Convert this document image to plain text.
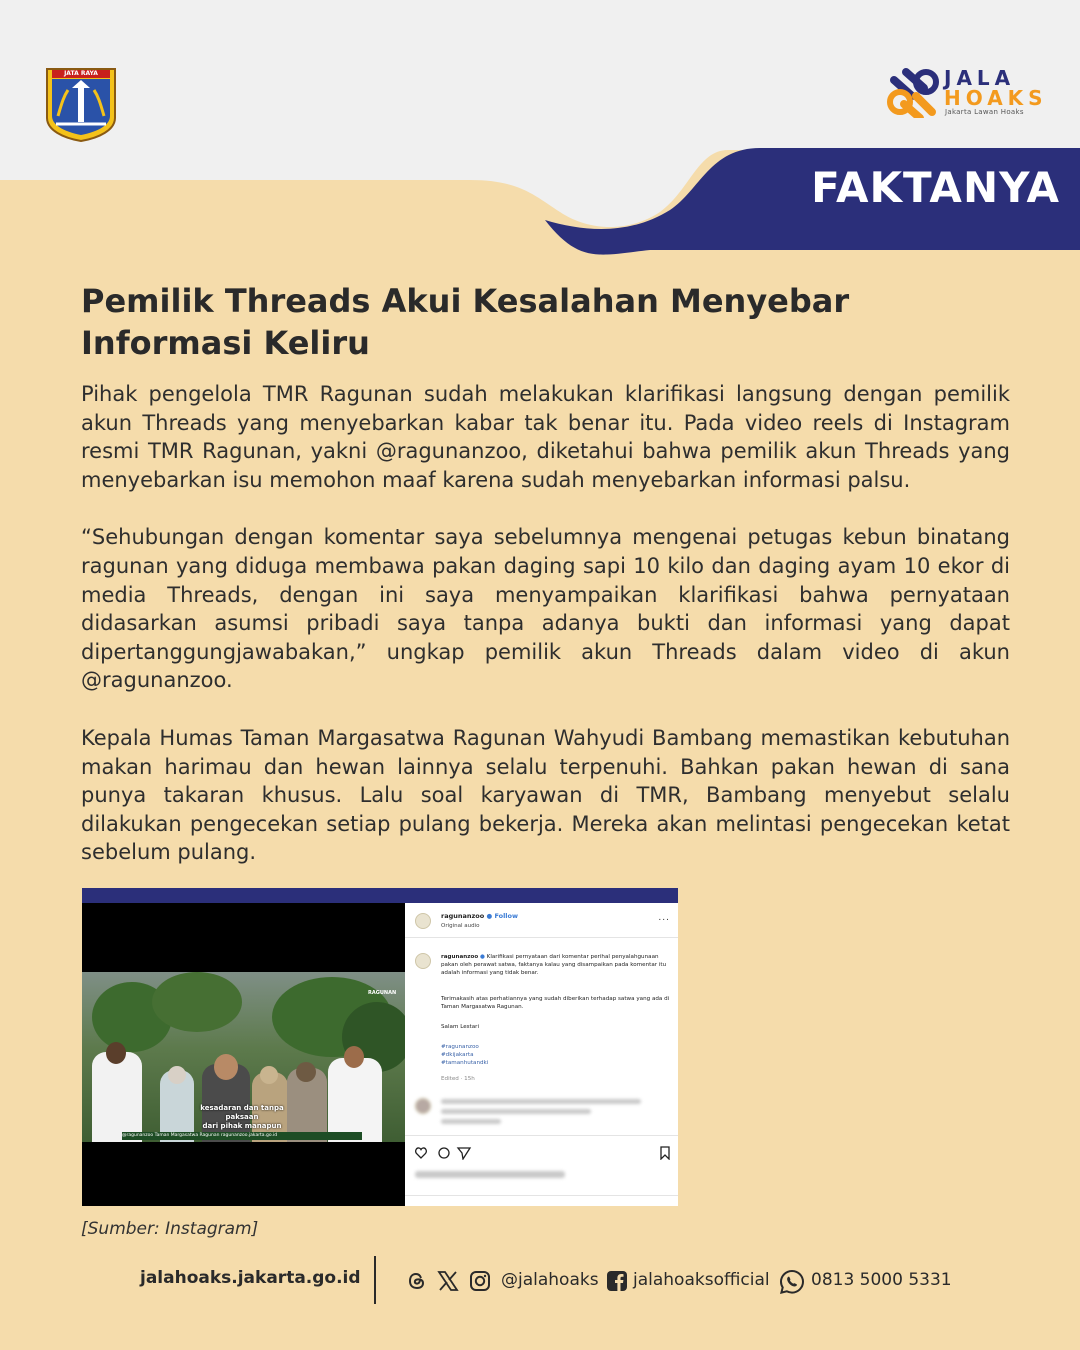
JATA RAYA	JALA
HOAKS
Jakarta Lawan Hoaks
FAKTANYA
Pemilik Threads Akui Kesalahan Menyebar Informasi Keliru

Pihak pengelola TMR Ragunan sudah melakukan klarifikasi langsung dengan pemilik akun Threads yang menyebarkan kabar tak benar itu. Pada video reels di Instagram resmi TMR Ragunan, yakni @ragunanzoo, diketahui bahwa pemilik akun Threads yang menyebarkan isu memohon maaf karena sudah menyebarkan informasi palsu.

“Sehubungan dengan komentar saya sebelumnya mengenai petugas kebun binatang ragunan yang diduga membawa pakan daging sapi 10 kilo dan daging ayam 10 ekor di media Threads, dengan ini saya menyampaikan klarifikasi bahwa pernyataan didasarkan asumsi pribadi saya tanpa adanya bukti dan informasi yang dapat dipertanggungjawabakan,” ungkap pemilik akun Threads dalam video di akun @ragunanzoo.

Kepala Humas Taman Margasatwa Ragunan Wahyudi Bambang memastikan kebutuhan makan harimau dan hewan lainnya selalu terpenuhi. Bahkan pakan hewan di sana punya takaran khusus. Lalu soal karyawan di TMR, Bambang menyebut selalu dilakukan pengecekan setiap pulang bekerja. Mereka akan melintasi pengecekan ketat sebelum pulang.

RAGUNAN
kesadaran dan tanpa paksaan
dari pihak manapun
@ragunanzoo Taman Margasatwa Ragunan ragunanzoo.jakarta.go.id
ragunanzoo ● Follow
Original audio
...
ragunanzoo ● Klarifikasi pernyataan dari komentar perihal penyalahgunaan pakan oleh perawat satwa, faktanya kalau yang disampaikan pada komentar itu adalah informasi yang tidak benar.
Terimakasih atas perhatiannya yang sudah diberikan terhadap satwa yang ada di Taman Margasatwa Ragunan.
Salam Lestari
#ragunanzoo
#dkijakarta
#tamanhutandki
Edited · 15h
[Sumber: Instagram]
jalahoaks.jakarta.go.id	@jalahoaks jalahoaksofficial 0813 5000 5331
